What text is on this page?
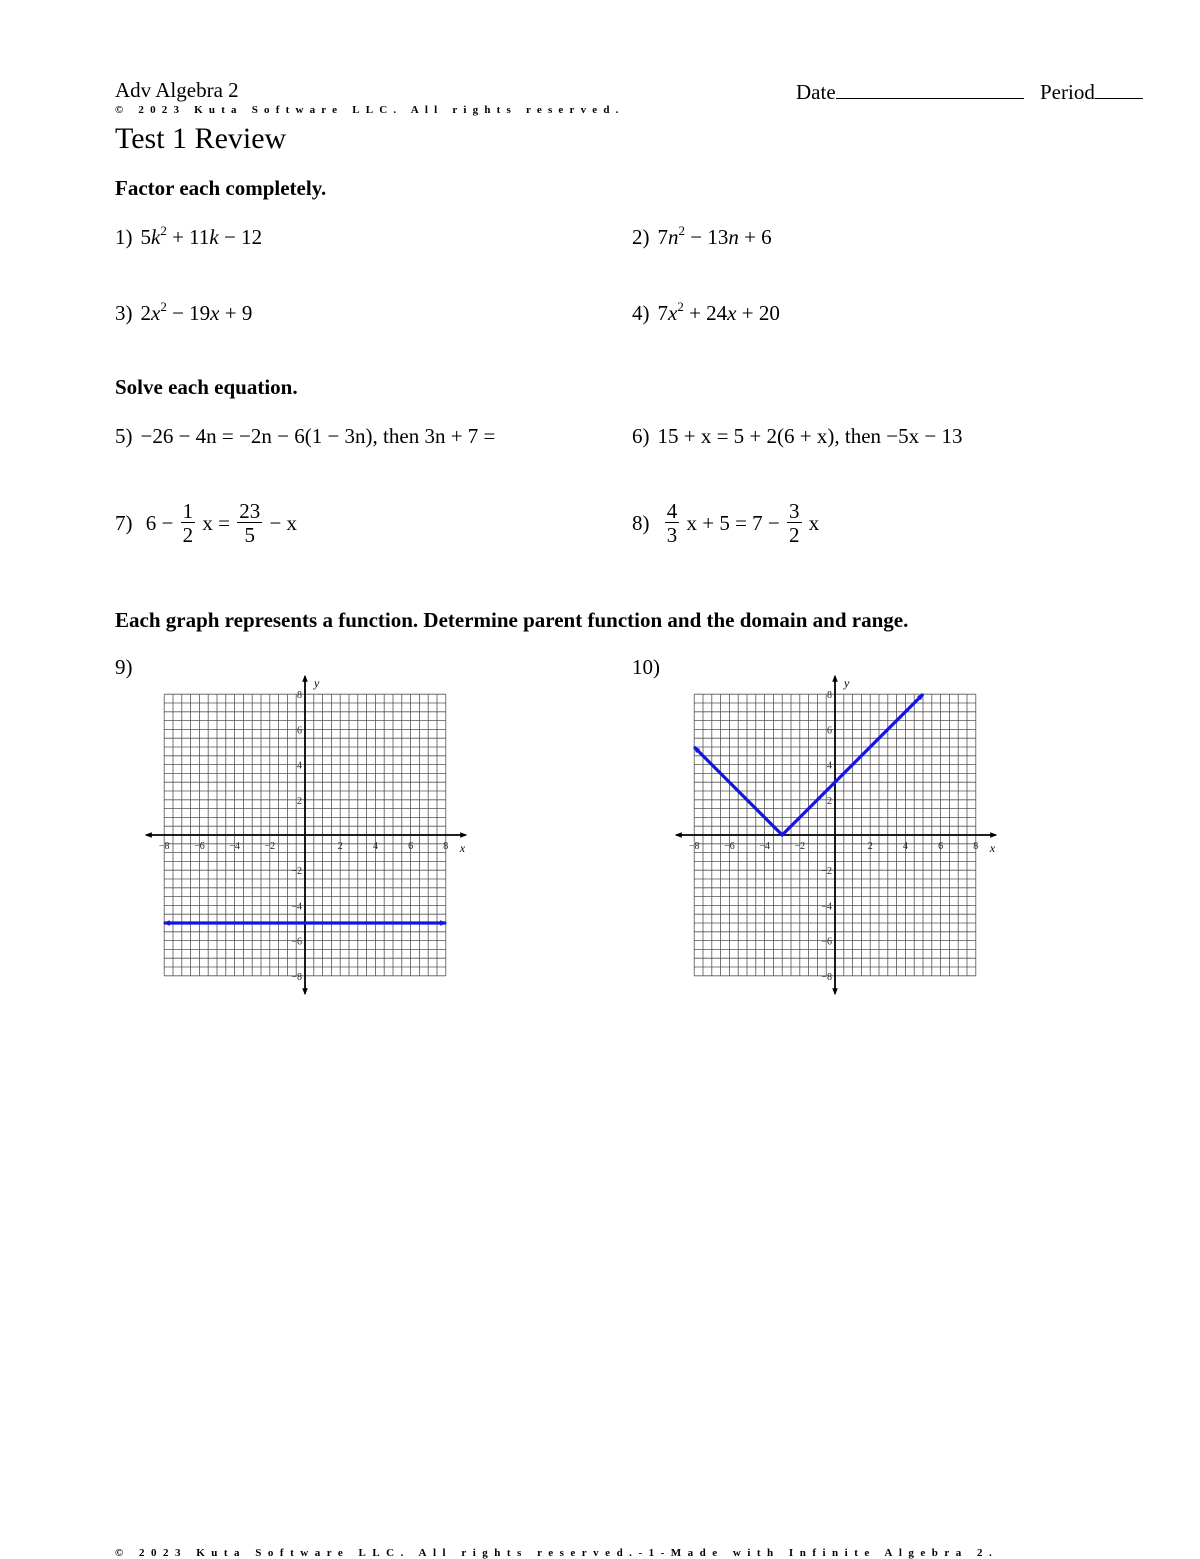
Adv Algebra 2	Date	Period
© 2023 Kuta Software LLC. All rights reserved.
Test 1 Review
Factor each completely.
1) $5k^2 + 11k - 12$	2) $7n^2 - 13n + 6$
3) $2x^2 - 19x + 9$	4) $7x^2 + 24x + 20$
Solve each equation.
5) −26 − 4n = −2n − 6(1 − 3n), then 3n + 7 =	6) 15 + x = 5 + 2(6 + x), then −5x − 13
7) $6 - \frac{1}{2}$ $x = \frac{23}{5} - x$	$8) \frac{4}{3}$ $x + 5 = 7 - \frac{3}{2}$ x
Each graph represents a function. Determine parent function and the domain and range.
9)	10)
x
y
−8 −6 −4 −2	2	4	6	8
8
6
4
2
−2
−4
−6
−8
x
y
−8 −6 −4 −2	2	4	6	8
8
6
4
2
−2
−4
−6
−8
© 2023 Kuta Software LLC. All rights reserved.-1-Made with Infinite Algebra 2.
